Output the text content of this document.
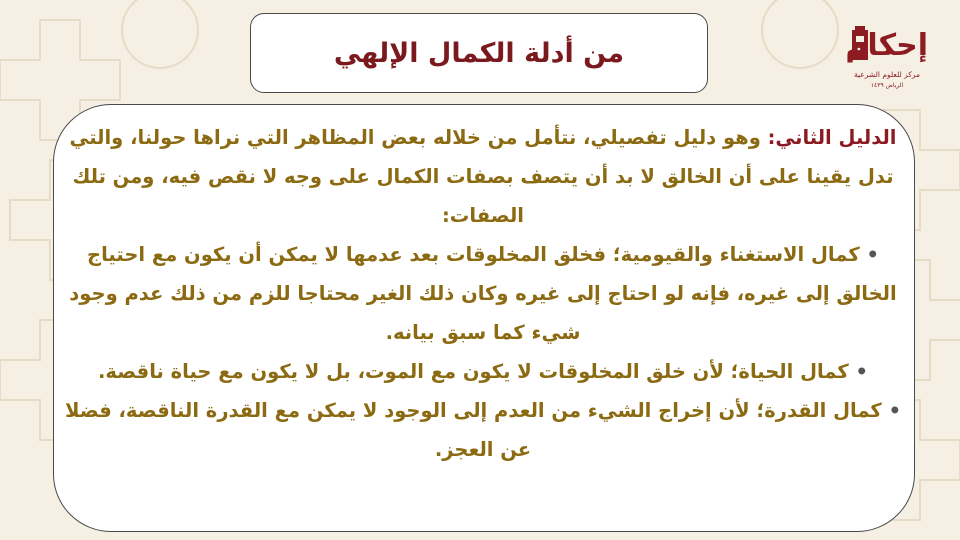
إحكام
مركز للعلوم الشرعية
الرياض ١٤٣٩
من أدلة الكمال الإلهي

الدليل الثاني: وهو دليل تفصيلي، نتأمل من خلاله بعض المظاهر التي نراها حولنا، والتي تدل يقينا على أن الخالق لا بد أن يتصف بصفات الكمال على وجه لا نقص فيه، ومن تلك الصفات:

• كمال الاستغناء والقيومية؛ فخلق المخلوقات بعد عدمها لا يمكن أن يكون مع احتياج الخالق إلى غيره، فإنه لو احتاج إلى غيره وكان ذلك الغير محتاجا للزم من ذلك عدم وجود شيء كما سبق بيانه.

• كمال الحياة؛ لأن خلق المخلوقات لا يكون مع الموت، بل لا يكون مع حياة ناقصة.

• كمال القدرة؛ لأن إخراج الشيء من العدم إلى الوجود لا يمكن مع القدرة الناقصة، فضلا عن العجز.
